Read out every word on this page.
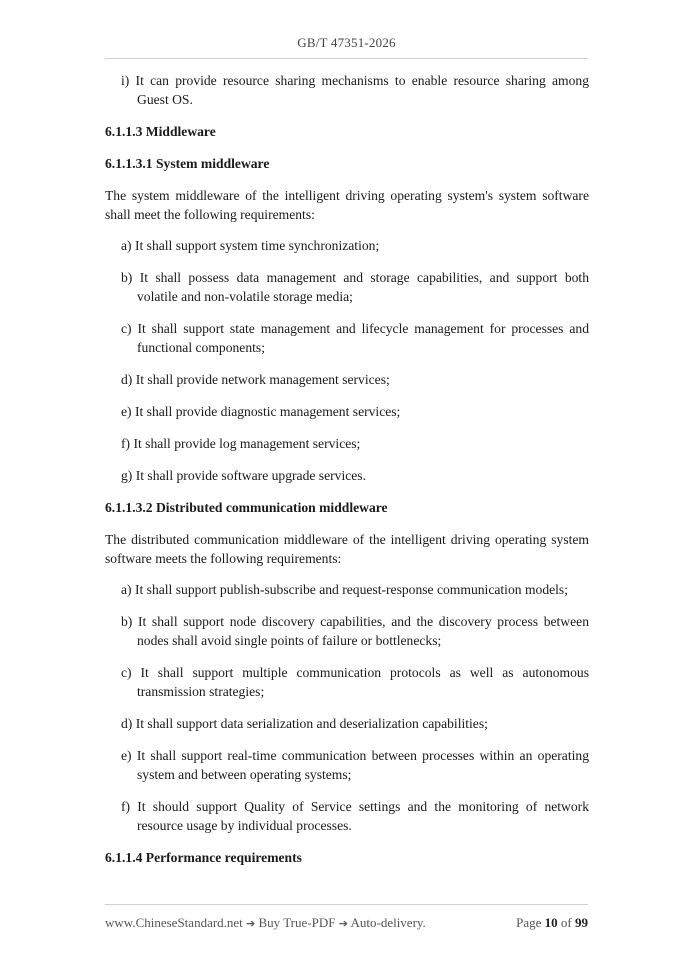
GB/T 47351-2026
i) It can provide resource sharing mechanisms to enable resource sharing among Guest OS.
6.1.1.3 Middleware
6.1.1.3.1 System middleware
The system middleware of the intelligent driving operating system's system software shall meet the following requirements:
a) It shall support system time synchronization;
b) It shall possess data management and storage capabilities, and support both volatile and non-volatile storage media;
c) It shall support state management and lifecycle management for processes and functional components;
d) It shall provide network management services;
e) It shall provide diagnostic management services;
f) It shall provide log management services;
g) It shall provide software upgrade services.
6.1.1.3.2 Distributed communication middleware
The distributed communication middleware of the intelligent driving operating system software meets the following requirements:
a) It shall support publish-subscribe and request-response communication models;
b) It shall support node discovery capabilities, and the discovery process between nodes shall avoid single points of failure or bottlenecks;
c) It shall support multiple communication protocols as well as autonomous transmission strategies;
d) It shall support data serialization and deserialization capabilities;
e) It shall support real-time communication between processes within an operating system and between operating systems;
f) It should support Quality of Service settings and the monitoring of network resource usage by individual processes.
6.1.1.4 Performance requirements
www.ChineseStandard.net ➔ Buy True-PDF ➔ Auto-delivery.	Page 10 of 99
